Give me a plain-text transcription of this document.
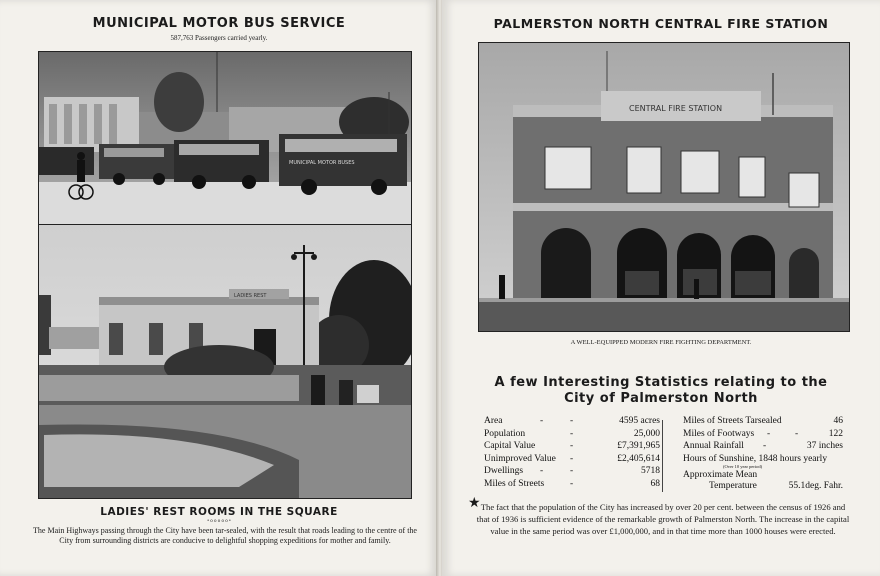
MUNICIPAL MOTOR BUS SERVICE
587,763 Passengers carried yearly.
MUNICIPAL MOTOR BUSES
LADIES REST
LADIES' REST ROOMS IN THE SQUARE
• o o o o o •
The Main Highways passing through the City have been tar-sealed, with the result that roads leading to the centre of the City from surrounding districts are conducive to delightful shopping expeditions for mother and family.
PALMERSTON NORTH CENTRAL FIRE STATION
CENTRAL FIRE STATION
A WELL-EQUIPPED MODERN FIRE FIGHTING DEPARTMENT.
A few Interesting Statistics relating to the
City of Palmerston North
Area	-	-	4595 acres
Population	-	25,000
Capital Value	-	£7,391,965
Unimproved Value -	£2,405,614
Dwellings -	-	5718
Miles of Streets	-	68
Miles of Streets Tarsealed	46
Miles of Footways -	-	122
Annual Rainfall -	37 inches
Hours of Sunshine, 1848 hours yearly
(Over 10 year period)
Approximate Mean
Temperature	55.1deg. Fahr.
★ The fact that the population of the City has increased by over 20 per cent. between the census of 1926 and that of 1936 is sufficient evidence of the remarkable growth of Palmerston North. The increase in the capital value in the same period was over £1,000,000, and in that time more than 1000 houses were erected.
